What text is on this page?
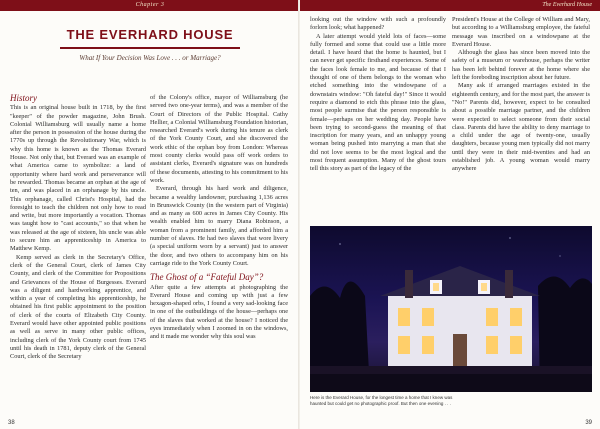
Chapter 3
THE EVERHARD HOUSE
What If Your Decision Was Love . . . or Marriage?
History

This is an original house built in 1718, by the first "keeper" of the powder magazine, John Brush. Colonial Williamsburg will usually name a home after the person in possession of the house during the 1770s up through the Revolutionary War, which is why this home is known as the Thomas Everard House. Not only that, but Everard was an example of what America came to symbolize: a land of opportunity where hard work and perseverance will be rewarded. Thomas became an orphan at the age of ten, and was placed in an orphanage by his uncle. This orphanage, called Christ's Hospital, had the foresight to teach the children not only how to read and write, but more importantly a vocation. Thomas was taught how to "cast accounts," so that when he was released at the age of sixteen, his uncle was able to secure him an apprenticeship in America to Matthew Kemp.

Kemp served as clerk in the Secretary's Office, clerk of the General Court, clerk of James City County, and clerk of the Committee for Propositions and Grievances of the House of Burgesses. Everard was a diligent and hardworking apprentice, and within a year of completing his apprenticeship, he obtained his first public appointment to the position of clerk of the courts of Elizabeth City County. Everard would have other appointed public positions as well as serve in many other public offices, including clerk of the York County court from 1745 until his death in 1781, deputy clerk of the General Court, clerk of the Secretary

of the Colony's office, mayor of Williamsburg (he served two one-year terms), and was a member of the Court of Directors of the Public Hospital. Cathy Hellier, a Colonial Williamsburg Foundation historian, researched Everard's work during his tenure as clerk of the York County Court, and she discovered the work ethic of the orphan boy from London: Whereas most county clerks would pass off work orders to assistant clerks, Everard's signature was on hundreds of these documents, attesting to his commitment to his work.

Everard, through his hard work and diligence, became a wealthy landowner, purchasing 1,136 acres in Brunswick County (in the western part of Virginia) and as many as 600 acres in James City County. His wealth enabled him to marry Diana Robinson, a woman from a prominent family, and afforded him a number of slaves. He had two slaves that wore livery (a special uniform worn by a servant) just to answer the door, and two others to accompany him on his carriage ride to the York County Court.

The Ghost of a “Fateful Day”?

After quite a few attempts at photographing the Everard House and coming up with just a few hexagon-shaped orbs, I found a very sad-looking face in one of the outbuildings of the house—perhaps one of the slaves that worked at the house? I noticed the eyes immediately when I zoomed in on the windows, and it made me wonder why this soul was

38
The Everhard House

looking out the window with such a profoundly forlorn look; what happened?

A later attempt would yield lots of faces—some fully formed and some that could use a little more detail. I have heard that the home is haunted, but I can never get specific firsthand experiences. Some of the faces look female to me, and because of that I thought of one of them belongs to the woman who etched something into the windowpane of a downstairs window: "Oh fateful day!" Since it would require a diamond to etch this phrase into the glass, most people surmise that the person responsible is female—perhaps on her wedding day. People have been trying to second-guess the meaning of that inscription for many years, and an unhappy young woman being pushed into marrying a man that she did not love seems to be the most logical and the most frequent assumption. Many of the ghost tours tell this story as part of the legacy of the

President's House at the College of William and Mary, but according to a Williamsburg employee, the fateful message was inscribed on a windowpane at the Everard House.

Although the glass has since been moved into the safety of a museum or warehouse, perhaps the writer has been left behind forever at the home where she left the foreboding inscription about her future.

Many ask if arranged marriages existed in the eighteenth century, and for the most part, the answer is "No!" Parents did, however, expect to be consulted about a possible marriage partner, and the children were expected to select someone from their social class. Parents did have the ability to deny marriage to a child under the age of twenty-one, usually daughters, because young men typically did not marry until they were in their mid-twenties and had an established job. A young woman would marry anywhere

Here is the Everard House, for the longest time a home that I knew was haunted but could get no photographic proof. But then one evening . . .
39
